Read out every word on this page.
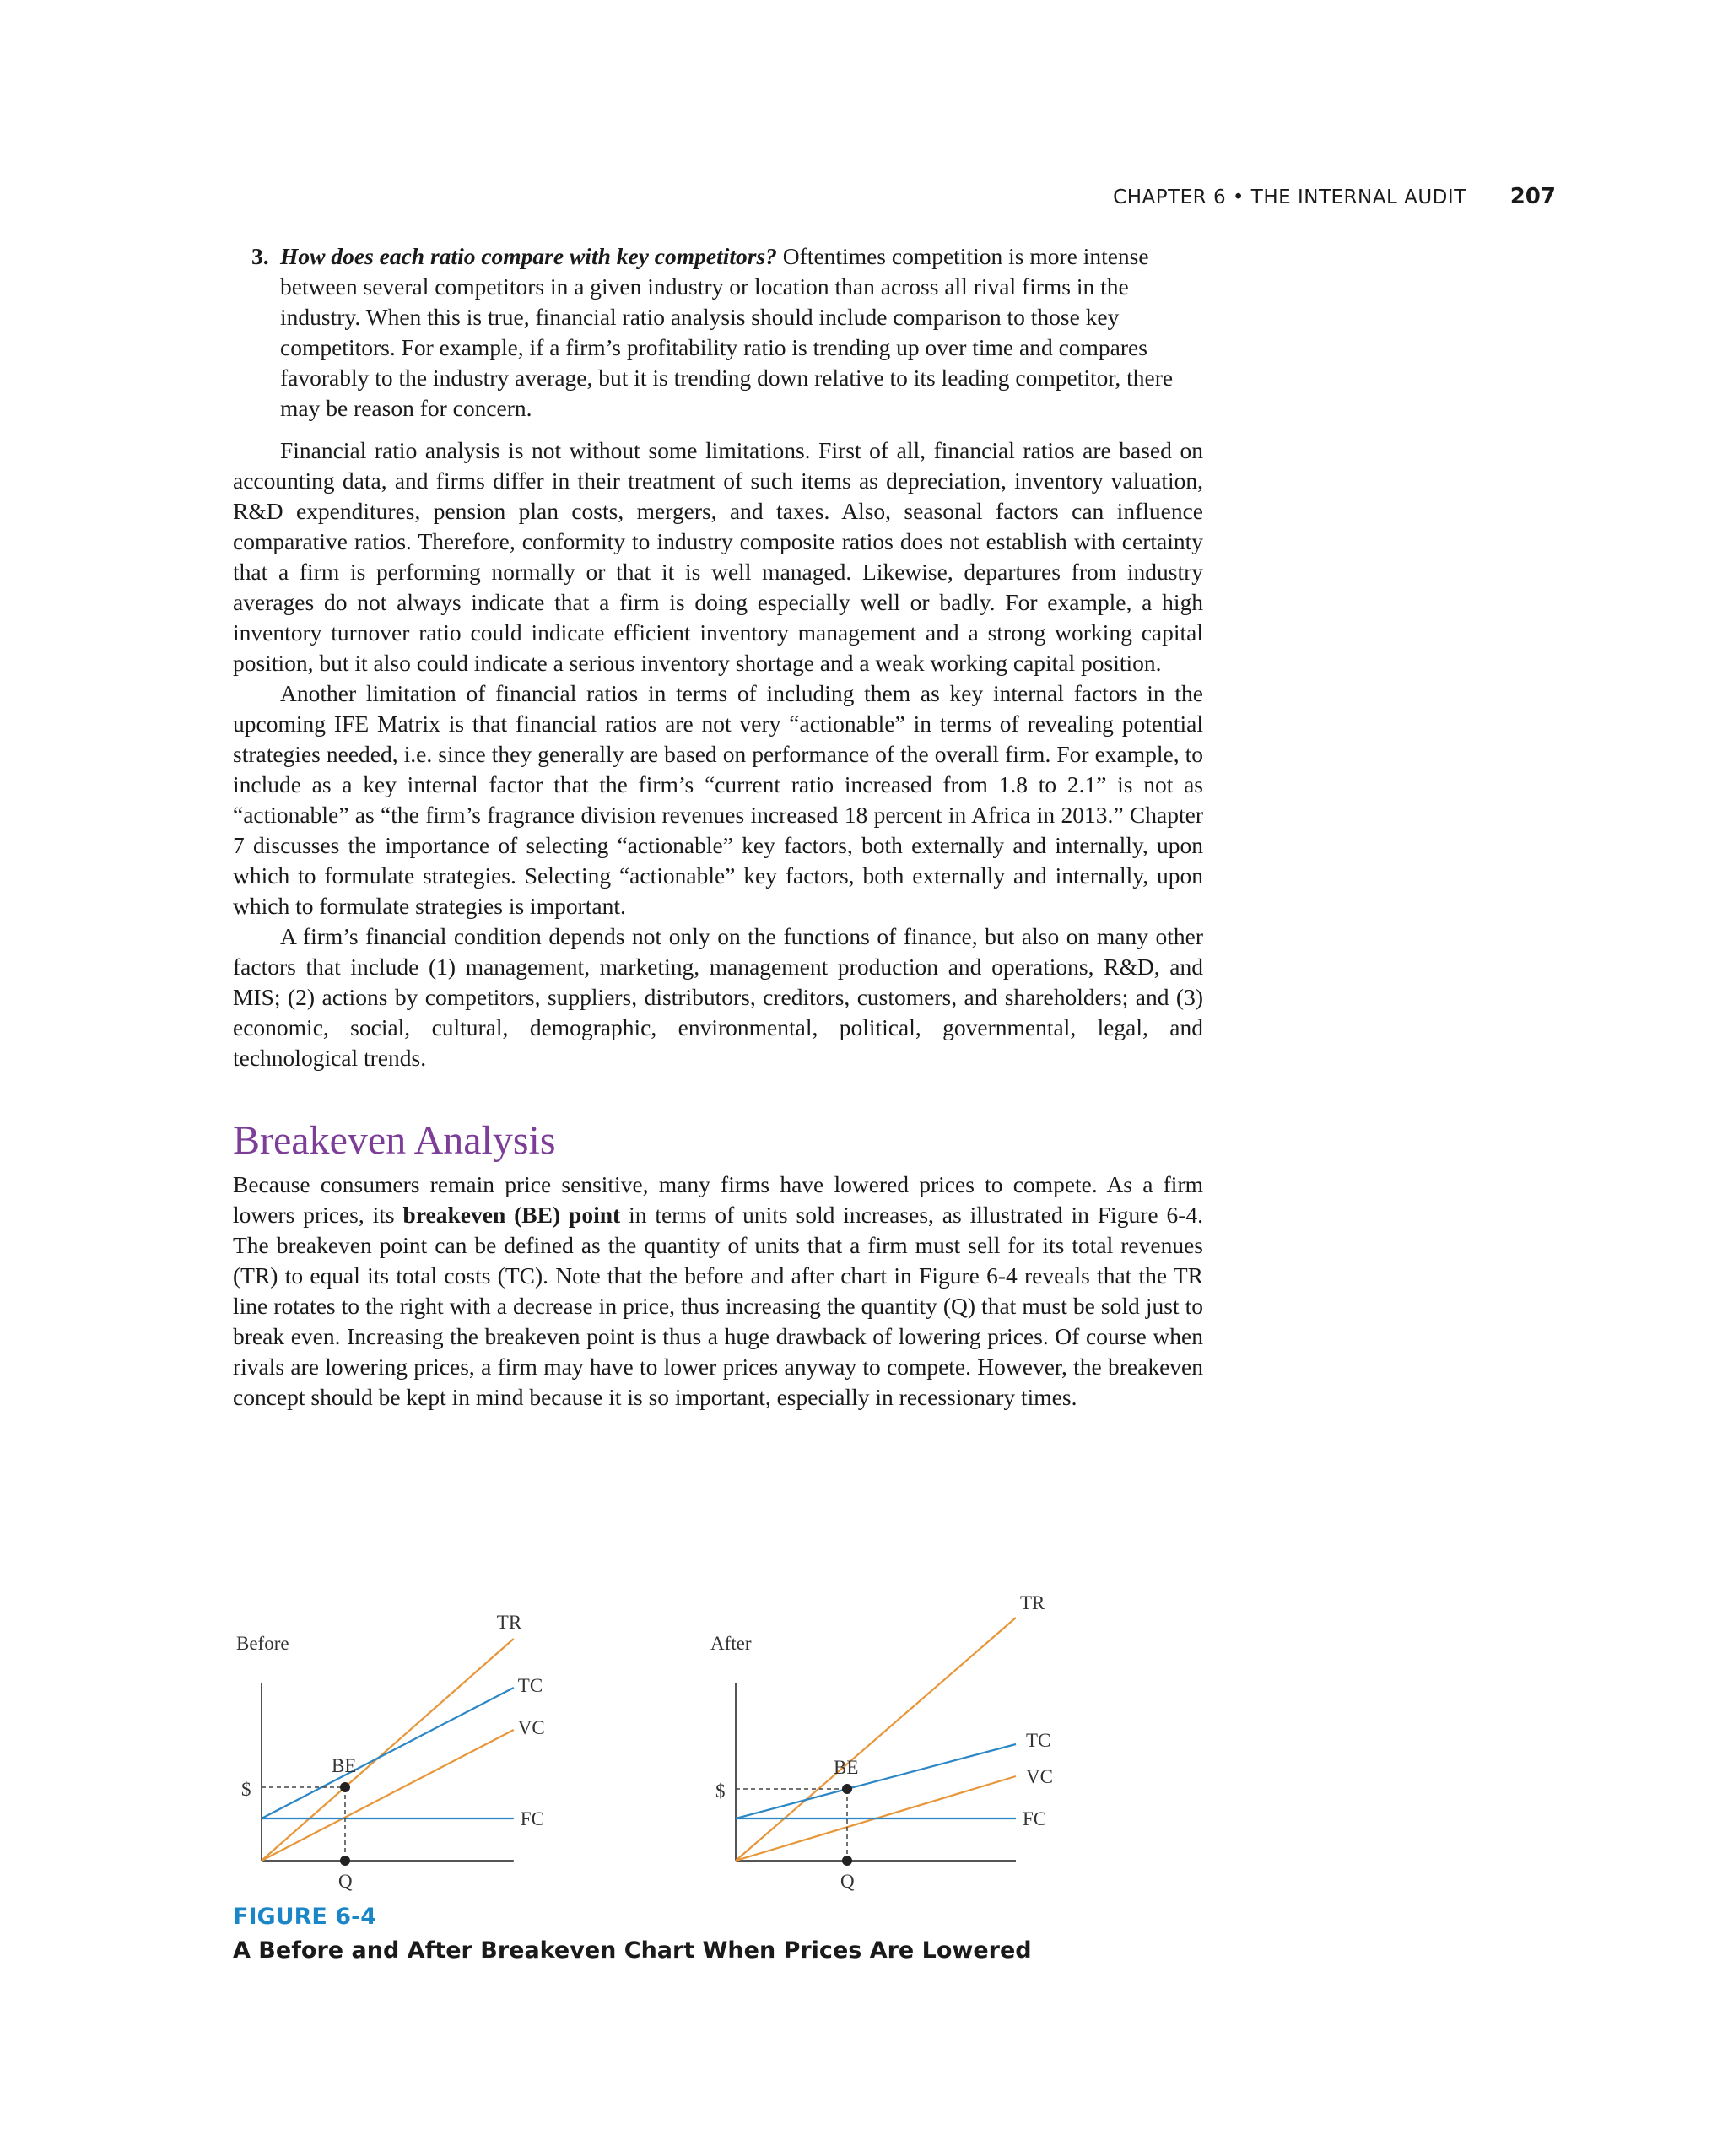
CHAPTER 6 • THE INTERNAL AUDIT 207
3. How does each ratio compare with key competitors? Oftentimes competition is more intense between several competitors in a given industry or location than across all rival firms in the industry. When this is true, financial ratio analysis should include comparison to those key competitors. For example, if a firm’s profitability ratio is trending up over time and compares favorably to the industry average, but it is trending down relative to its leading competitor, there may be reason for concern.

Financial ratio analysis is not without some limitations. First of all, financial ratios are based on accounting data, and firms differ in their treatment of such items as depreciation, inventory valuation, R&D expenditures, pension plan costs, mergers, and taxes. Also, seasonal factors can influence comparative ratios. Therefore, conformity to industry composite ratios does not establish with certainty that a firm is performing normally or that it is well managed. Likewise, departures from industry averages do not always indicate that a firm is doing especially well or badly. For example, a high inventory turnover ratio could indicate efficient inventory management and a strong working capital position, but it also could indicate a serious inventory shortage and a weak working capital position.

Another limitation of financial ratios in terms of including them as key internal factors in the upcoming IFE Matrix is that financial ratios are not very “actionable” in terms of revealing potential strategies needed, i.e. since they generally are based on performance of the overall firm. For example, to include as a key internal factor that the firm’s “current ratio increased from 1.8 to 2.1” is not as “actionable” as “the firm’s fragrance division revenues increased 18 percent in Africa in 2013.” Chapter 7 discusses the importance of selecting “actionable” key factors, both externally and internally, upon which to formulate strategies. Selecting “actionable” key factors, both externally and internally, upon which to formulate strategies is important.

A firm’s financial condition depends not only on the functions of finance, but also on many other factors that include (1) management, marketing, management production and operations, R&D, and MIS; (2) actions by competitors, suppliers, distributors, creditors, customers, and shareholders; and (3) economic, social, cultural, demographic, environmental, political, governmental, legal, and technological trends.

Breakeven Analysis

Because consumers remain price sensitive, many firms have lowered prices to compete. As a firm lowers prices, its breakeven (BE) point in terms of units sold increases, as illustrated in Figure 6-4. The breakeven point can be defined as the quantity of units that a firm must sell for its total revenues (TR) to equal its total costs (TC). Note that the before and after chart in Figure 6-4 reveals that the TR line rotates to the right with a decrease in price, thus increasing the quantity (Q) that must be sold just to break even. Increasing the breakeven point is thus a huge drawback of lowering prices. Of course when rivals are lowering prices, a firm may have to lower prices anyway to compete. However, the breakeven concept should be kept in mind because it is so important, especially in recessionary times.

Before
TR
TC
VC
FC
BE
Q
$
After
TR
TC
VC
FC
BE
Q
$
FIGURE 6-4
A Before and After Breakeven Chart When Prices Are Lowered
